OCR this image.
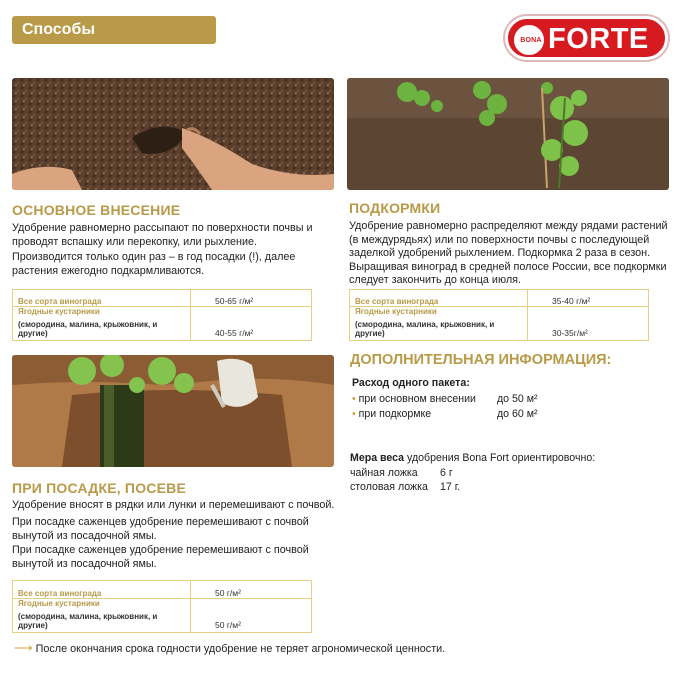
Способы использования
BONA FORTE
ОСНОВНОЕ ВНЕСЕНИЕ
Удобрение равномерно рассыпают по поверхности почвы и
проводят вспашку или перекопку, или рыхление.
Производится только один раз – в год посадки (!), далее
растения ежегодно подкармливаются.
Все сорта винограда	50-65 г/м²

Ягодные кустарники
(смородина, малина, крыжовник, и другие)	40-55 г/м²
ПОДКОРМКИ
Удобрение равномерно распределяют между рядами растений
(в междурядьях) или по поверхности почвы с последующей
заделкой удобрений рыхлением. Подкормка 2 раза в сезон.
Выращивая виноград в средней полосе России, все подкормки
следует закончить до конца июля.
Все сорта винограда	35-40 г/м²

Ягодные кустарники
(смородина, малина, крыжовник, и другие)	30-35г/м²
ПРИ ПОСАДКЕ, ПОСЕВЕ
Удобрение вносят в рядки или лунки и перемешивают с почвой.
При посадке саженцев удобрение перемешивают с почвой
вынутой из посадочной ямы.
При посадке саженцев удобрение перемешивают с почвой
вынутой из посадочной ямы.
Все сорта винограда	50 г/м²

Ягодные кустарники
(смородина, малина, крыжовник, и другие)	50 г/м²
ДОПОЛНИТЕЛЬНАЯ ИНФОРМАЦИЯ:
Расход одного пакета:
• при основном внесении до 50 м²
• при подкормке	до 60 м²
Мера веса удобрения Bona Fort ориентировочно:
чайная ложка 6 г
столовая ложка 17 г.
⟶ После окончания срока годности удобрение не теряет агрономической ценности.
